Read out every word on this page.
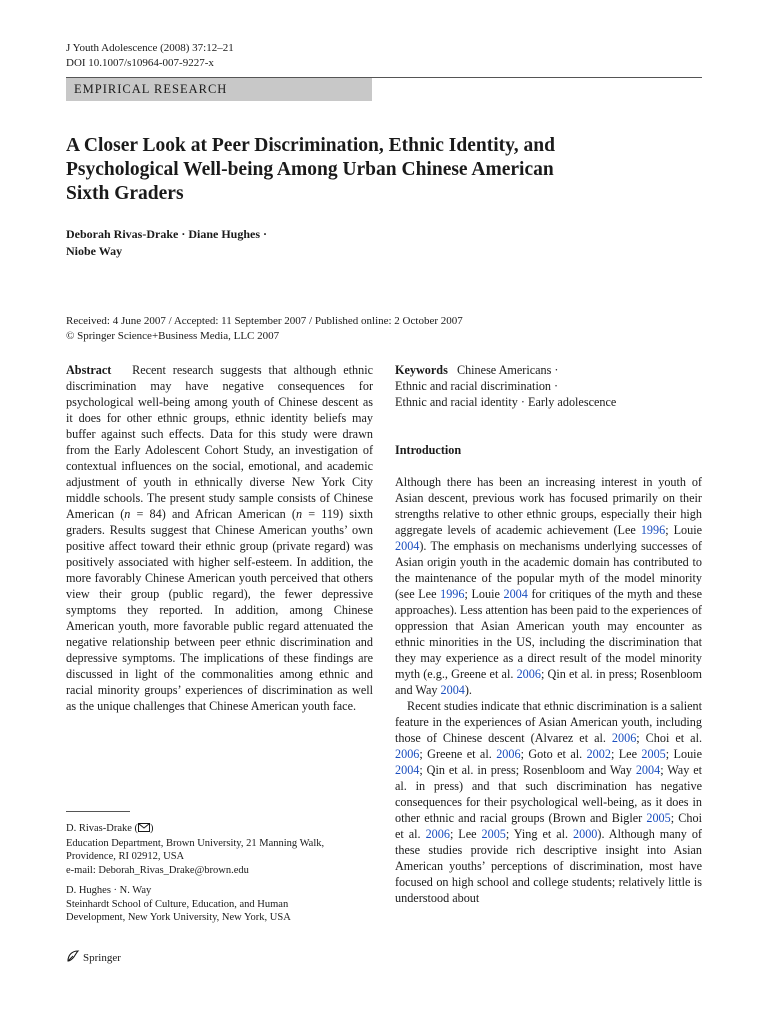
J Youth Adolescence (2008) 37:12–21
DOI 10.1007/s10964-007-9227-x
EMPIRICAL RESEARCH
A Closer Look at Peer Discrimination, Ethnic Identity, and Psychological Well-being Among Urban Chinese American Sixth Graders
Deborah Rivas-Drake · Diane Hughes ·
Niobe Way
Received: 4 June 2007 / Accepted: 11 September 2007 / Published online: 2 October 2007
© Springer Science+Business Media, LLC 2007
Abstract Recent research suggests that although ethnic discrimination may have negative consequences for psychological well-being among youth of Chinese descent as it does for other ethnic groups, ethnic identity beliefs may buffer against such effects. Data for this study were drawn from the Early Adolescent Cohort Study, an investigation of contextual influences on the social, emotional, and academic adjustment of youth in ethnically diverse New York City middle schools. The present study sample consists of Chinese American (n = 84) and African American (n = 119) sixth graders. Results suggest that Chinese American youths’ own positive affect toward their ethnic group (private regard) was positively associated with higher self-esteem. In addition, the more favorably Chinese American youth perceived that others view their group (public regard), the fewer depressive symptoms they reported. In addition, among Chinese American youth, more favorable public regard attenuated the negative relationship between peer ethnic discrimination and depressive symptoms. The implications of these findings are discussed in light of the commonalities among ethnic and racial minority groups’ experiences of discrimination as well as the unique challenges that Chinese American youth face.
D. Rivas-Drake ( )
Education Department, Brown University, 21 Manning Walk,
Providence, RI 02912, USA
e-mail: Deborah_Rivas_Drake@brown.edu
D. Hughes · N. Way
Steinhardt School of Culture, Education, and Human
Development, New York University, New York, USA
Springer
Keywords Chinese Americans ·
Ethnic and racial discrimination ·
Ethnic and racial identity · Early adolescence
Introduction

Although there has been an increasing interest in youth of Asian descent, previous work has focused primarily on their strengths relative to other ethnic groups, especially their high aggregate levels of academic achievement (Lee 1996; Louie 2004). The emphasis on mechanisms underlying successes of Asian origin youth in the academic domain has contributed to the maintenance of the popular myth of the model minority (see Lee 1996; Louie 2004 for critiques of the myth and these approaches). Less attention has been paid to the experiences of oppression that Asian American youth may encounter as ethnic minorities in the US, including the discrimination that they may experience as a direct result of the model minority myth (e.g., Greene et al. 2006; Qin et al. in press; Rosenbloom and Way 2004).

Recent studies indicate that ethnic discrimination is a salient feature in the experiences of Asian American youth, including those of Chinese descent (Alvarez et al. 2006; Choi et al. 2006; Greene et al. 2006; Goto et al. 2002; Lee 2005; Louie 2004; Qin et al. in press; Rosenbloom and Way 2004; Way et al. in press) and that such discrimination has negative consequences for their psychological well-being, as it does in other ethnic and racial groups (Brown and Bigler 2005; Choi et al. 2006; Lee 2005; Ying et al. 2000). Although many of these studies provide rich descriptive insight into Asian American youths’ perceptions of discrimination, most have focused on high school and college students; relatively little is understood about
